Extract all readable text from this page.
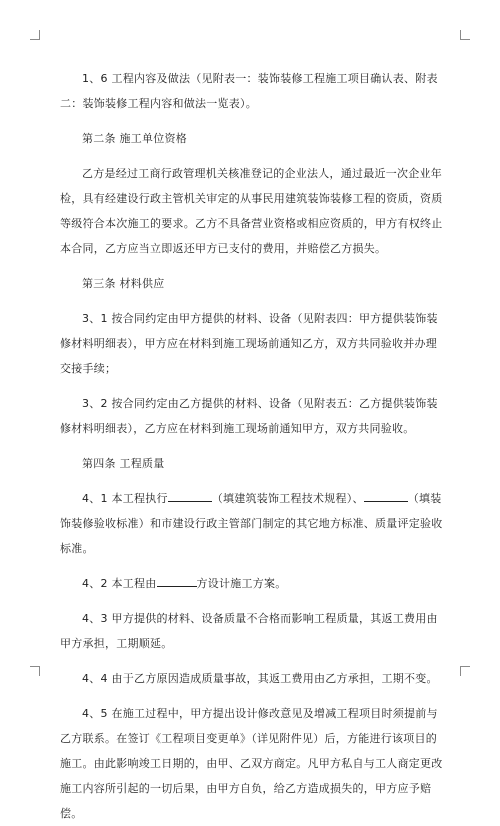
1、6 工程内容及做法（见附表一：装饰装修工程施工项目确认表、附表二：装饰装修工程内容和做法一览表）。

第二条 施工单位资格

乙方是经过工商行政管理机关核准登记的企业法人，通过最近一次企业年检，具有经建设行政主管机关审定的从事民用建筑装饰装修工程的资质，资质等级符合本次施工的要求。乙方不具备营业资格或相应资质的，甲方有权终止本合同，乙方应当立即返还甲方已支付的费用，并赔偿乙方损失。

第三条 材料供应

3、1 按合同约定由甲方提供的材料、设备（见附表四：甲方提供装饰装修材料明细表），甲方应在材料到施工现场前通知乙方，双方共同验收并办理交接手续；

3、2 按合同约定由乙方提供的材料、设备（见附表五：乙方提供装饰装修材料明细表），乙方应在材料到施工现场前通知甲方，双方共同验收。

第四条 工程质量

4、1 本工程执行	（填建筑装饰工程技术规程）、	（填装饰装修验收标准）和市建设行政主管部门制定的其它地方标准、质量评定验收标准。

4、2 本工程由	方设计施工方案。

4、3 甲方提供的材料、设备质量不合格而影响工程质量，其返工费用由甲方承担，工期顺延。

4、4 由于乙方原因造成质量事故，其返工费用由乙方承担，工期不变。

4、5 在施工过程中，甲方提出设计修改意见及增减工程项目时须提前与乙方联系。在签订《工程项目变更单》（详见附件见）后，方能进行该项目的施工。由此影响竣工日期的，由甲、乙双方商定。凡甲方私自与工人商定更改施工内容所引起的一切后果，由甲方自负，给乙方造成损失的，甲方应予赔偿。
